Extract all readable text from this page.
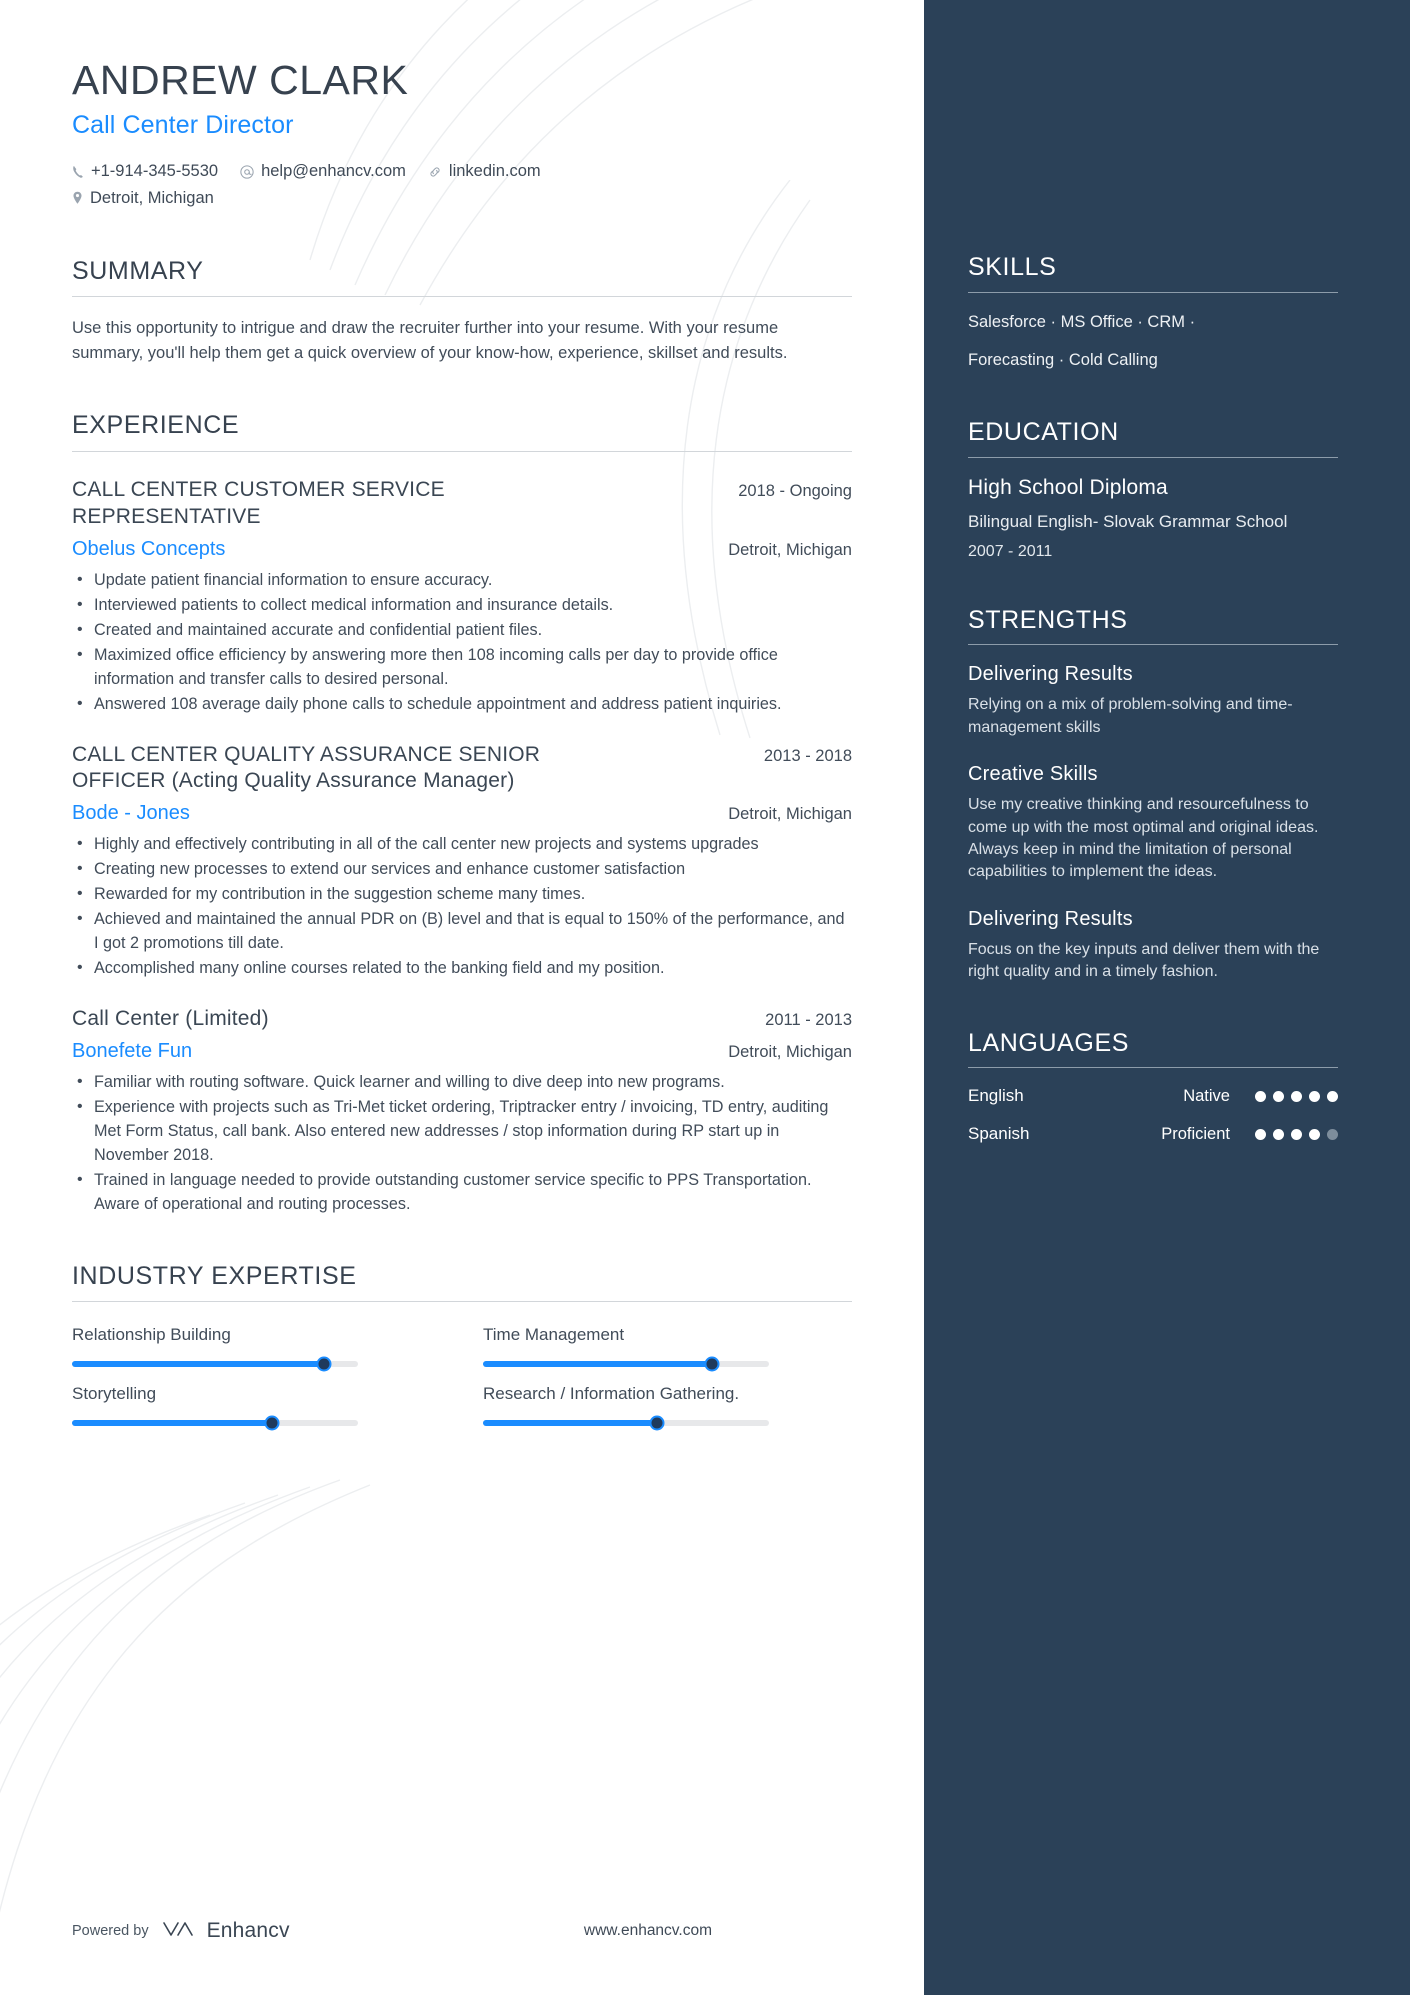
ANDREW CLARK
Call Center Director
+1-914-345-5530	help@enhancv.com	linkedin.com
Detroit, Michigan
SUMMARY
Use this opportunity to intrigue and draw the recruiter further into your resume. With your resume summary, you'll help them get a quick overview of your know-how, experience, skillset and results.
EXPERIENCE
CALL CENTER CUSTOMER SERVICE REPRESENTATIVE
2018 - Ongoing
Obelus Concepts	Detroit, Michigan
• Update patient financial information to ensure accuracy.
• Interviewed patients to collect medical information and insurance details.
• Created and maintained accurate and confidential patient files.
• Maximized office efficiency by answering more then 108 incoming calls per day to provide office information and transfer calls to desired personal.
• Answered 108 average daily phone calls to schedule appointment and address patient inquiries.
CALL CENTER QUALITY ASSURANCE SENIOR OFFICER (Acting Quality Assurance Manager)
2013 - 2018
Bode - Jones	Detroit, Michigan
• Highly and effectively contributing in all of the call center new projects and systems upgrades
• Creating new processes to extend our services and enhance customer satisfaction
• Rewarded for my contribution in the suggestion scheme many times.
• Achieved and maintained the annual PDR on (B) level and that is equal to 150% of the performance, and I got 2 promotions till date.
• Accomplished many online courses related to the banking field and my position.
Call Center (Limited)	2011 - 2013
Bonefete Fun	Detroit, Michigan
• Familiar with routing software. Quick learner and willing to dive deep into new programs.
• Experience with projects such as Tri-Met ticket ordering, Triptracker entry / invoicing, TD entry, auditing Met Form Status, call bank. Also entered new addresses / stop information during RP start up in November 2018.
• Trained in language needed to provide outstanding customer service specific to PPS Transportation. Aware of operational and routing processes.
INDUSTRY EXPERTISE
Relationship Building	Time Management
Storytelling	Research / Information Gathering.
Powered by	Enhancv	www.enhancv.com
SKILLS
Salesforce · MS Office · CRM ·
Forecasting · Cold Calling
EDUCATION
High School Diploma
Bilingual English- Slovak Grammar School
2007 - 2011
STRENGTHS
Delivering Results
Relying on a mix of problem-solving and time-management skills
Creative Skills
Use my creative thinking and resourcefulness to come up with the most optimal and original ideas. Always keep in mind the limitation of personal capabilities to implement the ideas.
Delivering Results
Focus on the key inputs and deliver them with the right quality and in a timely fashion.
LANGUAGES
English	Native
Spanish	Proficient
